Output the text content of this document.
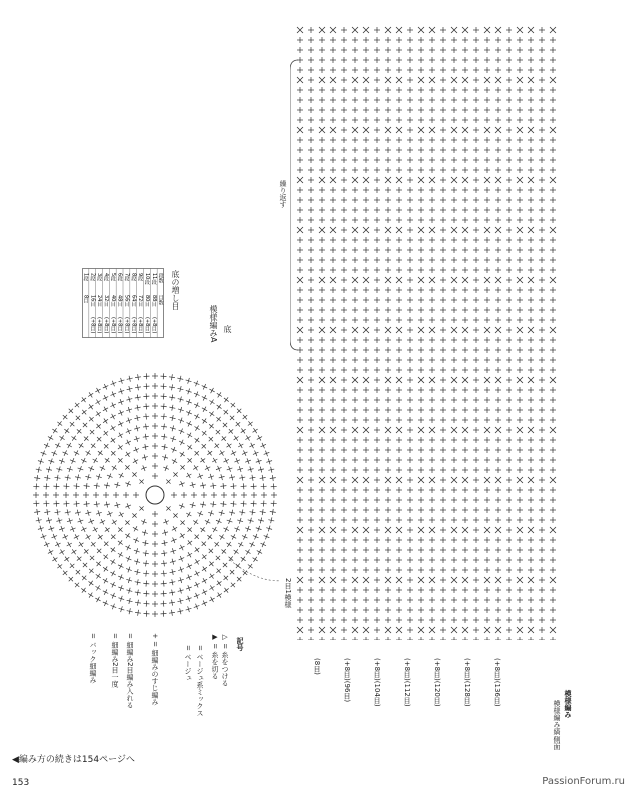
底
模様編みA
底の増し目
段数
目数
11段
88目
(+8目)
10段
80目
(+8目)
9段
72目
(+8目)
8段
64目
(+8目)
7段
56目
(+8目)
6段
48目
(+8目)
5段
40目
(+8目)
4段
32目
(+8目)
3段
24目
(+8目)
2段
16目
(+8目)
1段
8目
模様編み縞
側面
繰り返す
2目1模様
模様編み
(8目)	(+8目)(96目)	(+8目)(104目)	(+8目)(112目)	(+8目)(120目)	(+8目)(128目)	(+8目)(136目)
記号
▷ = 糸をつける
▶ = 糸を切る
= ベージュ系ミックス
= ベージュ
+ = 細編みのすじ編み
= 細編み2目編み入れる
= 細編み2目一度
= バック細編み
◀編み方の続きは154ページへ
153	PassionForum.ru
